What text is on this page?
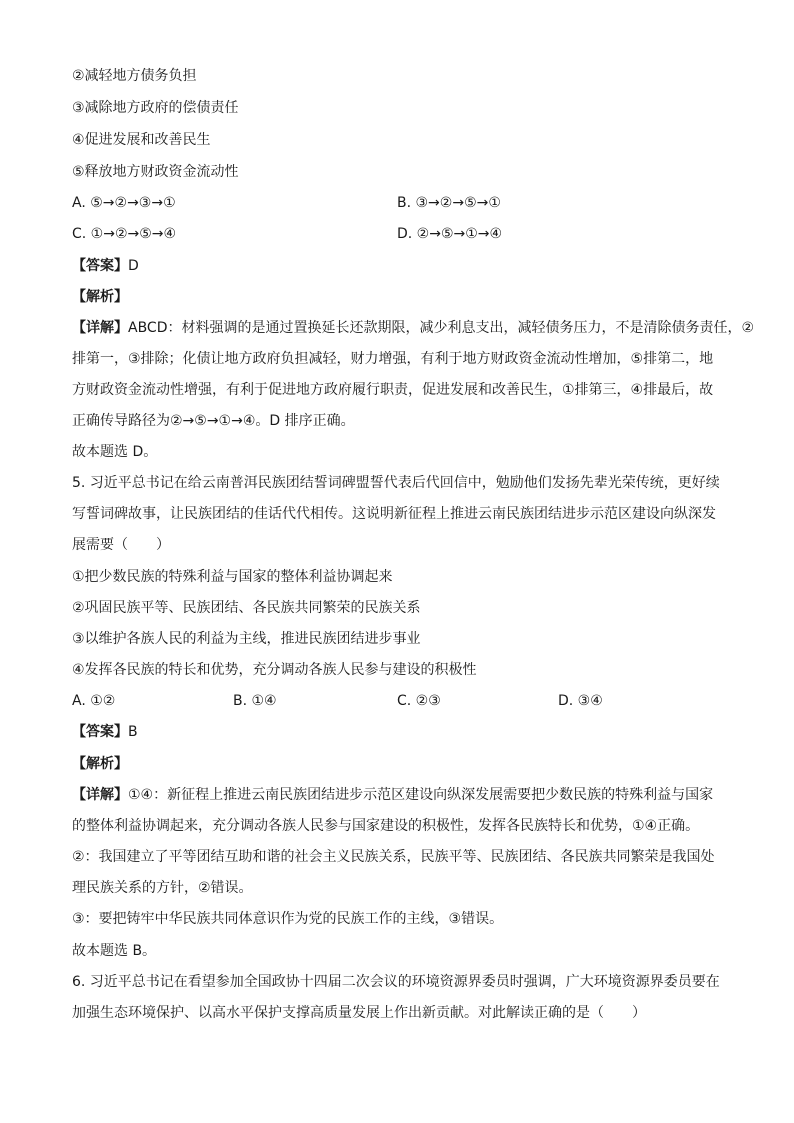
②减轻地方债务负担
③减除地方政府的偿债责任
④促进发展和改善民生
⑤释放地方财政资金流动性
A. ⑤→②→③→①	B. ③→②→⑤→①
C. ①→②→⑤→④	D. ②→⑤→①→④
【答案】D
【解析】
【详解】ABCD：材料强调的是通过置换延长还款期限，减少利息支出，减轻债务压力，不是清除债务责任，②
排第一，③排除；化债让地方政府负担减轻，财力增强，有利于地方财政资金流动性增加，⑤排第二，地
方财政资金流动性增强，有利于促进地方政府履行职责，促进发展和改善民生，①排第三，④排最后，故
正确传导路径为②→⑤→①→④。D 排序正确。
故本题选 D。
5. 习近平总书记在给云南普洱民族团结誓词碑盟誓代表后代回信中，勉励他们发扬先辈光荣传统，更好续
写誓词碑故事，让民族团结的佳话代代相传。这说明新征程上推进云南民族团结进步示范区建设向纵深发
展需要（　　）
①把少数民族的特殊利益与国家的整体利益协调起来
②巩固民族平等、民族团结、各民族共同繁荣的民族关系
③以维护各族人民的利益为主线，推进民族团结进步事业
④发挥各民族的特长和优势，充分调动各族人民参与建设的积极性
A. ①②	B. ①④	C. ②③	D. ③④
【答案】B
【解析】
【详解】①④：新征程上推进云南民族团结进步示范区建设向纵深发展需要把少数民族的特殊利益与国家
的整体利益协调起来，充分调动各族人民参与国家建设的积极性，发挥各民族特长和优势，①④正确。
②：我国建立了平等团结互助和谐的社会主义民族关系，民族平等、民族团结、各民族共同繁荣是我国处
理民族关系的方针，②错误。
③：要把铸牢中华民族共同体意识作为党的民族工作的主线，③错误。
故本题选 B。
6. 习近平总书记在看望参加全国政协十四届二次会议的环境资源界委员时强调，广大环境资源界委员要在
加强生态环境保护、以高水平保护支撑高质量发展上作出新贡献。对此解读正确的是（　　）
